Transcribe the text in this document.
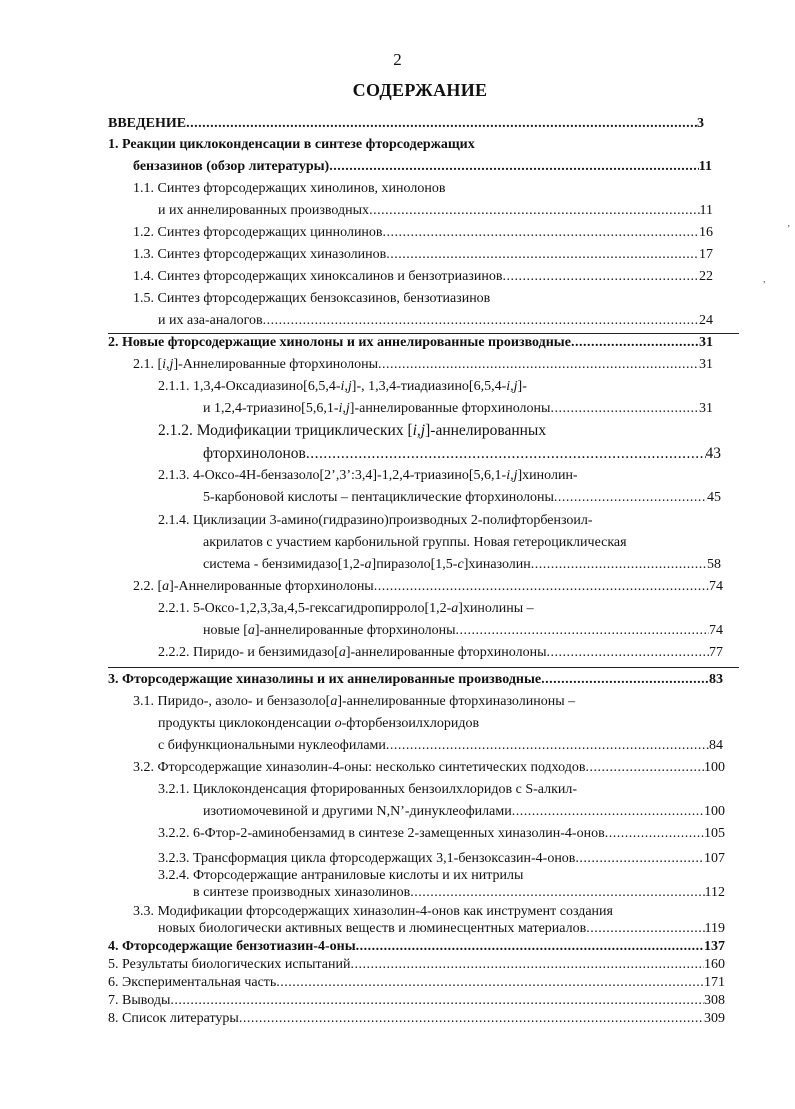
2
СОДЕРЖАНИЕ
ВВЕДЕНИЕ .....	3
1. Реакции циклоконденсации в синтезе фторсодержащих
бензазинов (обзор литературы) .....	11
1.1. Синтез фторсодержащих хинолинов, хинолонов
и их аннелированных производных .....	11
1.2. Синтез фторсодержащих циннолинов .....	16
1.3. Синтез фторсодержащих хиназолинов .....	17
1.4. Синтез фторсодержащих хиноксалинов и бензотриазинов .....	22
1.5. Синтез фторсодержащих бензоксазинов, бензотиазинов
и их аза-аналогов .....	24
2. Новые фторсодержащие хинолоны и их аннелированные производные .....	31
2.1. [i,j]-Аннелированные фторхинолоны .....	31
2.1.1. 1,3,4-Оксадиазино[6,5,4-i,j]-, 1,3,4-тиадиазино[6,5,4-i,j]-
и 1,2,4-триазино[5,6,1-i,j]-аннелированные фторхинолоны .....	31
2.1.2. Модификации трициклических [i,j]-аннелированных
фторхинолонов .....	43
2.1.3. 4-Оксо-4Н-бензазоло[2’,3’:3,4]-1,2,4-триазино[5,6,1-i,j]хинолин-
5-карбоновой кислоты – пентациклические фторхинолоны .....	45
2.1.4. Циклизации 3-амино(гидразино)производных 2-полифторбензоил-
акрилатов с участием карбонильной группы. Новая гетероциклическая
система - бензимидазо[1,2-a]пиразоло[1,5-c]хиназолин .....	58
2.2. [a]-Аннелированные фторхинолоны .....	74
2.2.1. 5-Оксо-1,2,3,3а,4,5-гексагидропирроло[1,2-a]хинолины –
новые [a]-аннелированные фторхинолоны .....	74
2.2.2. Пиридо- и бензимидазо[a]-аннелированные фторхинолоны .....	77
3. Фторсодержащие хиназолины и их аннелированные производные .....	83
3.1. Пиридо-, азоло- и бензазоло[a]-аннелированные фторхиназолиноны –
продукты циклоконденсации o-фторбензоилхлоридов
с бифункциональными нуклеофилами .....	84
3.2. Фторсодержащие хиназолин-4-оны: несколько синтетических подходов .....	100
3.2.1. Циклоконденсация фторированных бензоилхлоридов с S-алкил-
изотиомочевиной и другими N,N’-динуклеофилами .....	100
3.2.2. 6-Фтор-2-аминобензамид в синтезе 2-замещенных хиназолин-4-онов .....	105
3.2.3. Трансформация цикла фторсодержащих 3,1-бензоксазин-4-онов .....	107
3.2.4. Фторсодержащие антраниловые кислоты и их нитрилы
в синтезе производных хиназолинов .....	112
3.3. Модификации фторсодержащих хиназолин-4-онов как инструмент создания
новых биологически активных веществ и люминесцентных материалов .....	119
4. Фторсодержащие бензотиазин-4-оны .....	137
5. Результаты биологических испытаний .....	160
6. Экспериментальная часть .....	171
7. Выводы .....	308
8. Список литературы .....	309
’
,
